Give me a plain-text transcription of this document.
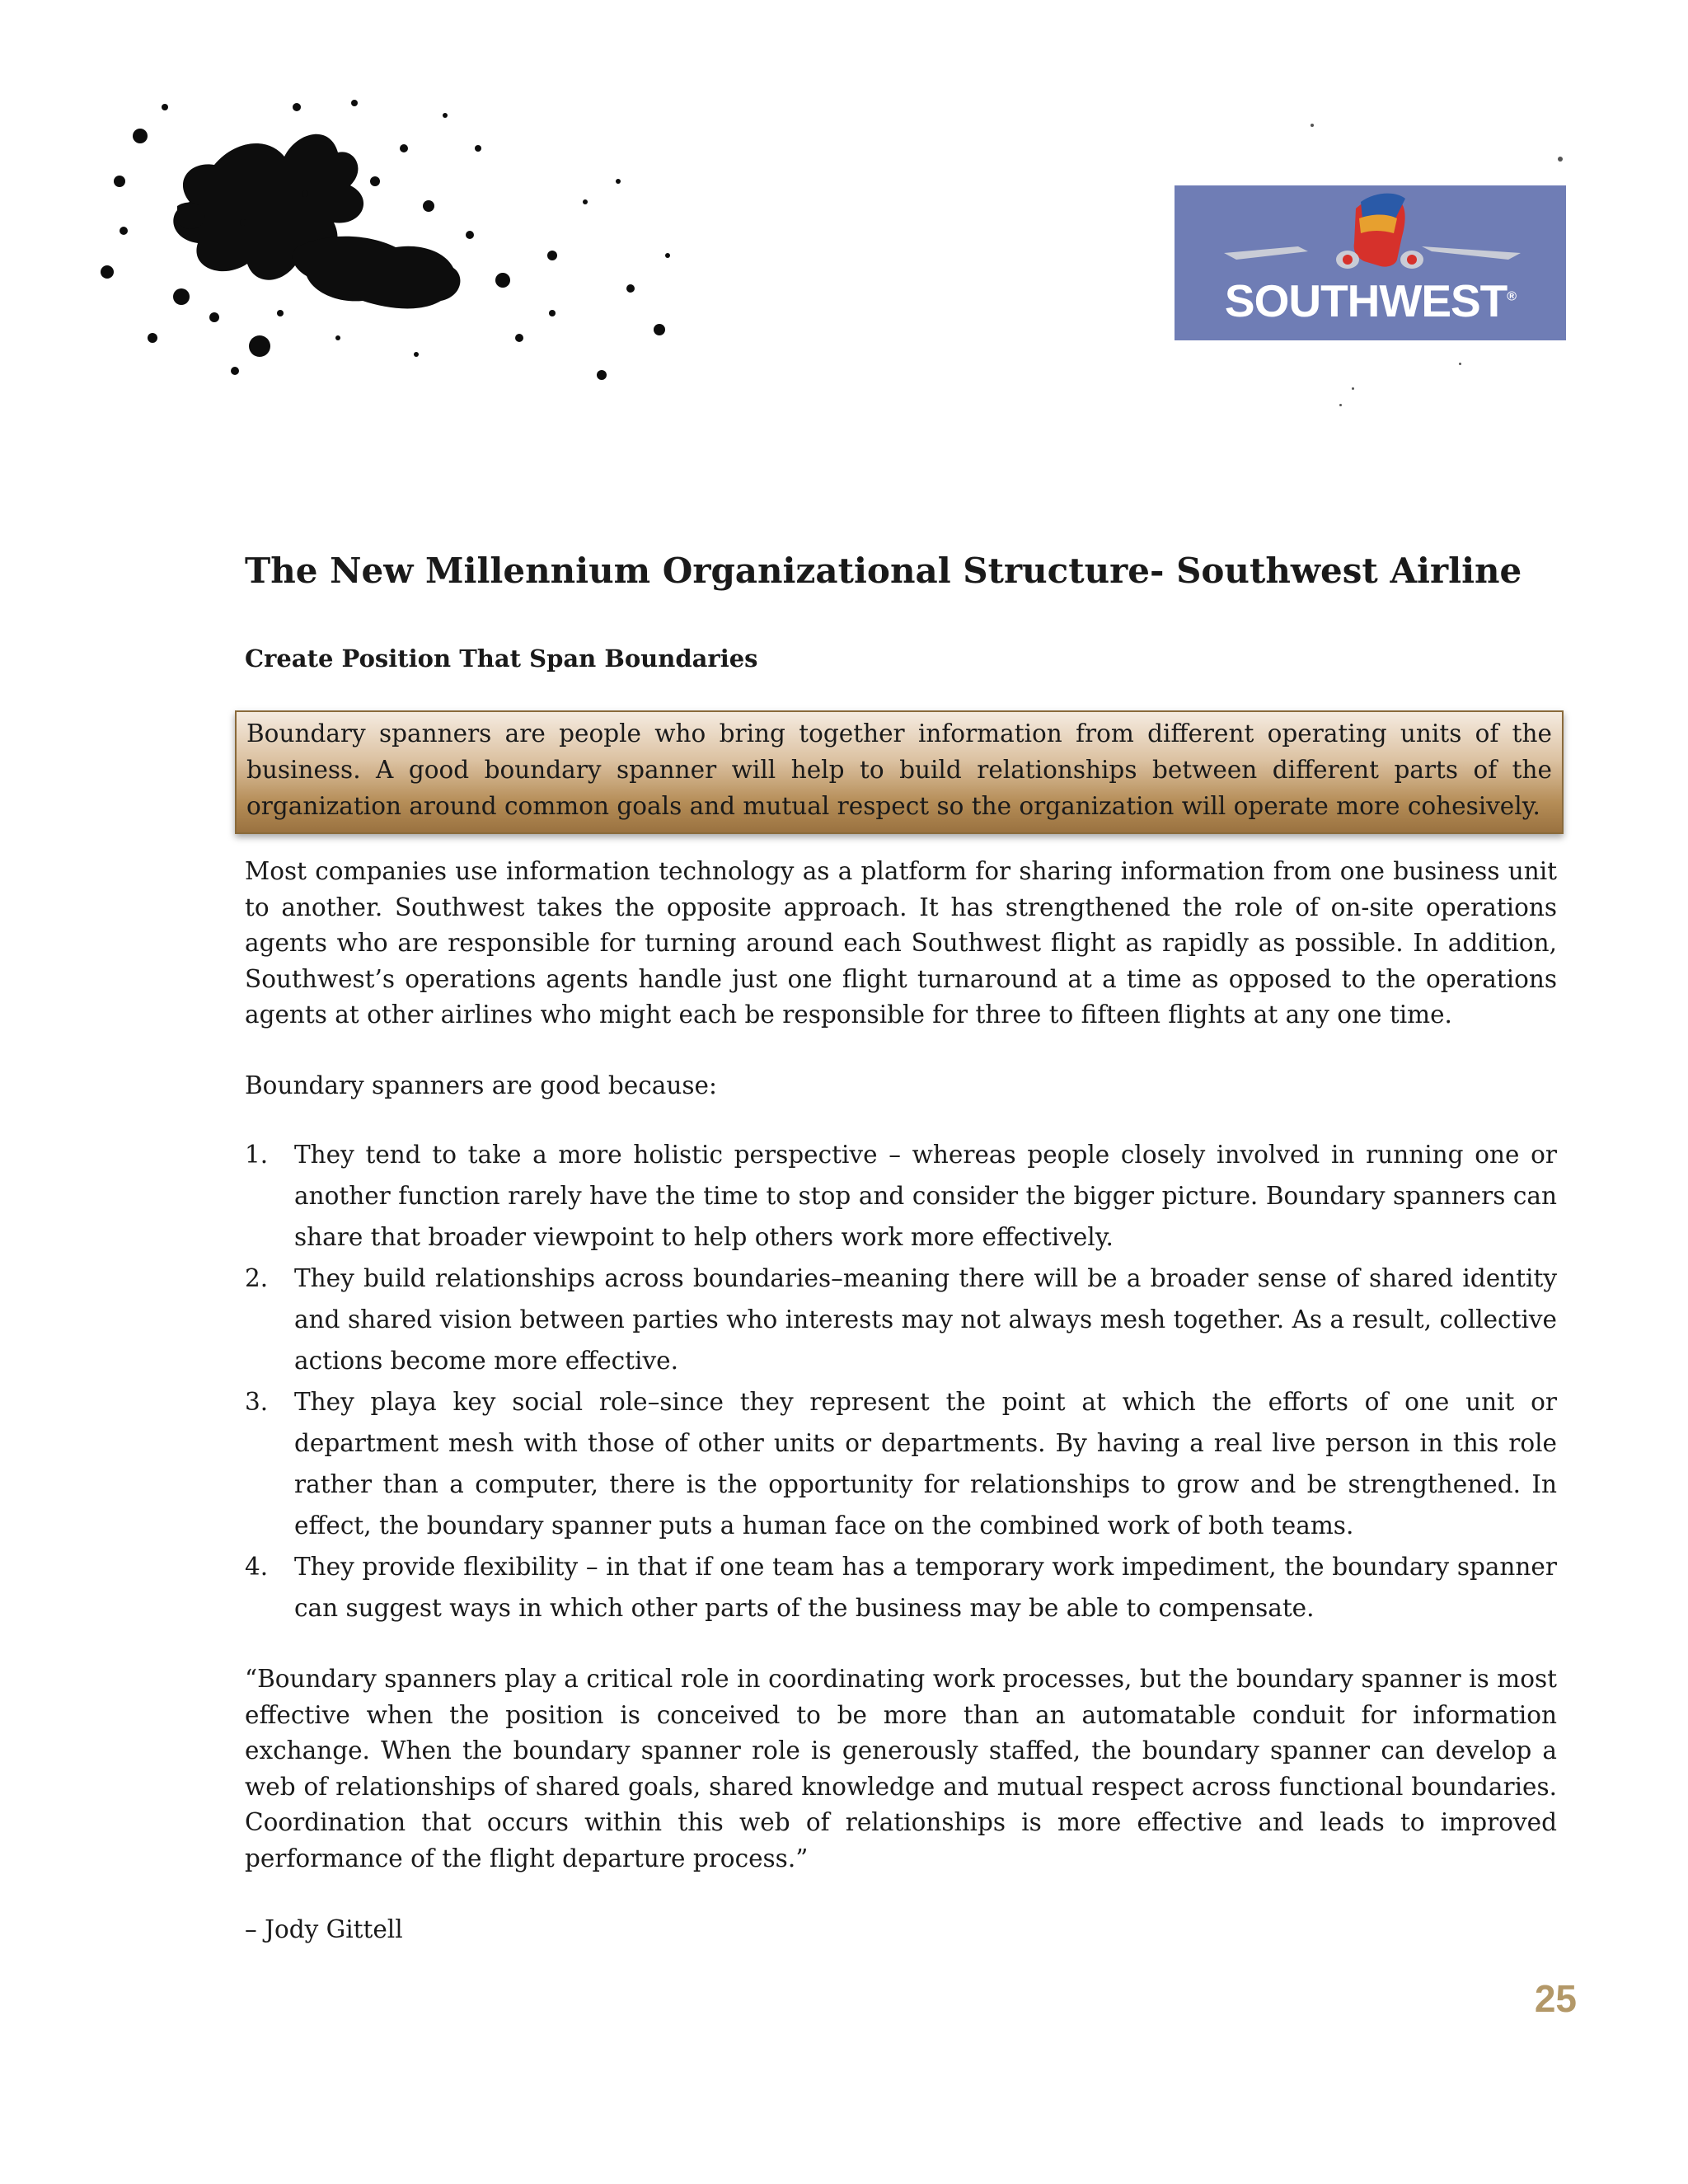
SOUTHWEST®
The New Millennium Organizational Structure- Southwest Airline
Create Position That Span Boundaries

Boundary spanners are people who bring together information from different operating units of the business. A good boundary spanner will help to build relationships between different parts of the organization around common goals and mutual respect so the organization will operate more cohesively.

Most companies use information technology as a platform for sharing information from one business unit to another. Southwest takes the opposite approach. It has strengthened the role of on-site operations agents who are responsible for turning around each Southwest flight as rapidly as possible. In addition, Southwest’s operations agents handle just one flight turnaround at a time as opposed to the operations agents at other airlines who might each be responsible for three to fifteen flights at any one time.

Boundary spanners are good because:

1. They tend to take a more holistic perspective – whereas people closely involved in running one or another function rarely have the time to stop and consider the bigger picture. Boundary spanners can share that broader viewpoint to help others work more effectively.
2. They build relationships across boundaries–meaning there will be a broader sense of shared identity and shared vision between parties who interests may not always mesh together. As a result, collective actions become more effective.
3. They playa key social role–since they represent the point at which the efforts of one unit or department mesh with those of other units or departments. By having a real live person in this role rather than a computer, there is the opportunity for relationships to grow and be strengthened. In effect, the boundary spanner puts a human face on the combined work of both teams.
4. They provide flexibility – in that if one team has a temporary work impediment, the boundary spanner can suggest ways in which other parts of the business may be able to compensate.

“Boundary spanners play a critical role in coordinating work processes, but the boundary spanner is most effective when the position is conceived to be more than an automatable conduit for information exchange. When the boundary spanner role is generously staffed, the boundary spanner can develop a web of relationships of shared goals, shared knowledge and mutual respect across functional boundaries. Coordination that occurs within this web of relationships is more effective and leads to improved performance of the flight departure process.”

– Jody Gittell

25
